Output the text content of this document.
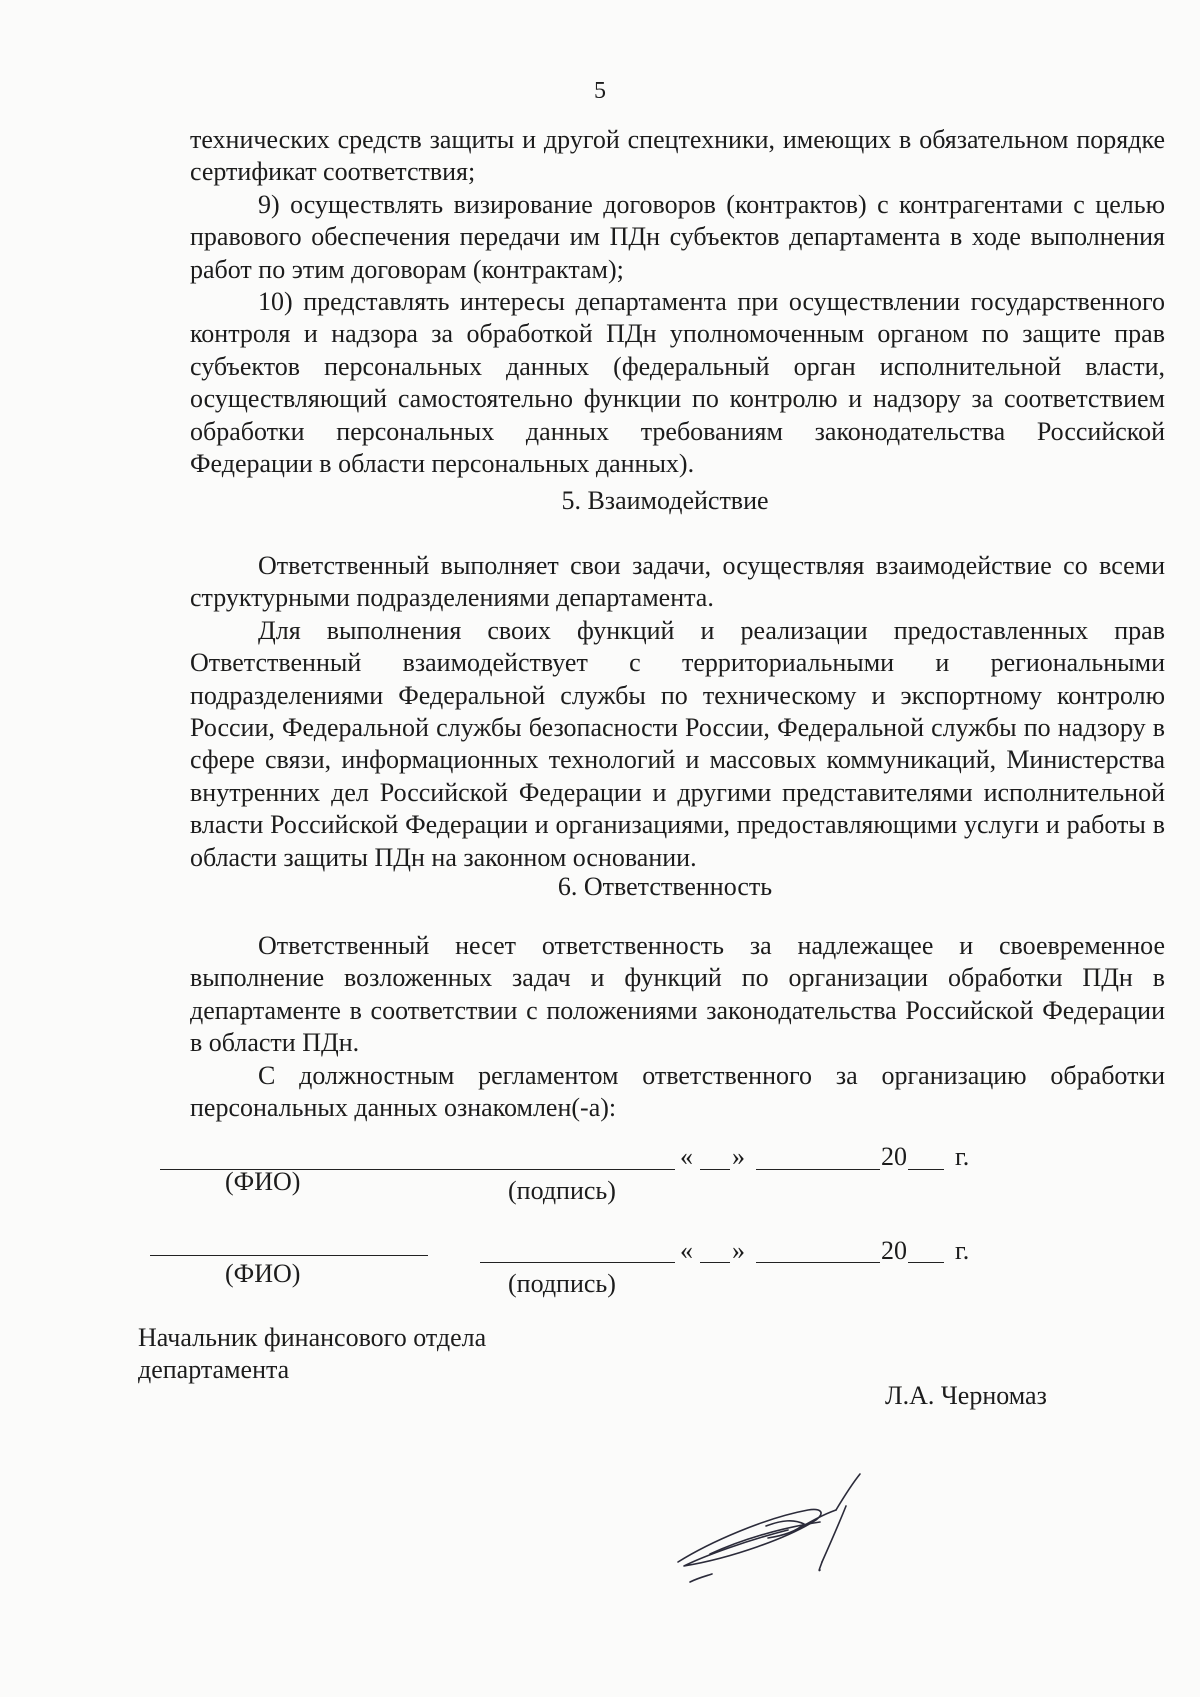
5

технических средств защиты и другой спецтехники, имеющих в обязательном порядке сертификат соответствия;

9) осуществлять визирование договоров (контрактов) с контрагентами с целью правового обеспечения передачи им ПДн субъектов департамента в ходе выполнения работ по этим договорам (контрактам);

10) представлять интересы департамента при осуществлении государственного контроля и надзора за обработкой ПДн уполномоченным органом по защите прав субъектов персональных данных (федеральный орган исполнительной власти, осуществляющий самостоятельно функции по контролю и надзору за соответствием обработки персональных данных требованиям законодательства Российской Федерации в области персональных данных).

5. Взаимодействие

Ответственный выполняет свои задачи, осуществляя взаимодействие со всеми структурными подразделениями департамента.

Для выполнения своих функций и реализации предоставленных прав Ответственный взаимодействует с территориальными и региональными подразделениями Федеральной службы по техническому и экспортному контролю России, Федеральной службы безопасности России, Федеральной службы по надзору в сфере связи, информационных технологий и массовых коммуникаций, Министерства внутренних дел Российской Федерации и другими представителями исполнительной власти Российской Федерации и организациями, предоставляющими услуги и работы в области защиты ПДн на законном основании.

6. Ответственность

Ответственный несет ответственность за надлежащее и своевременное выполнение возложенных задач и функций по организации обработки ПДн в департаменте в соответствии с положениями законодательства Российской Федерации в области ПДн.

С должностным регламентом ответственного за организацию обработки персональных данных ознакомлен(-а):

« »	20 г.
(ФИО)	(подпись)
« »	20 г.
(ФИО)	(подпись)
Начальник финансового отдела
департамента
Л.А. Черномаз
